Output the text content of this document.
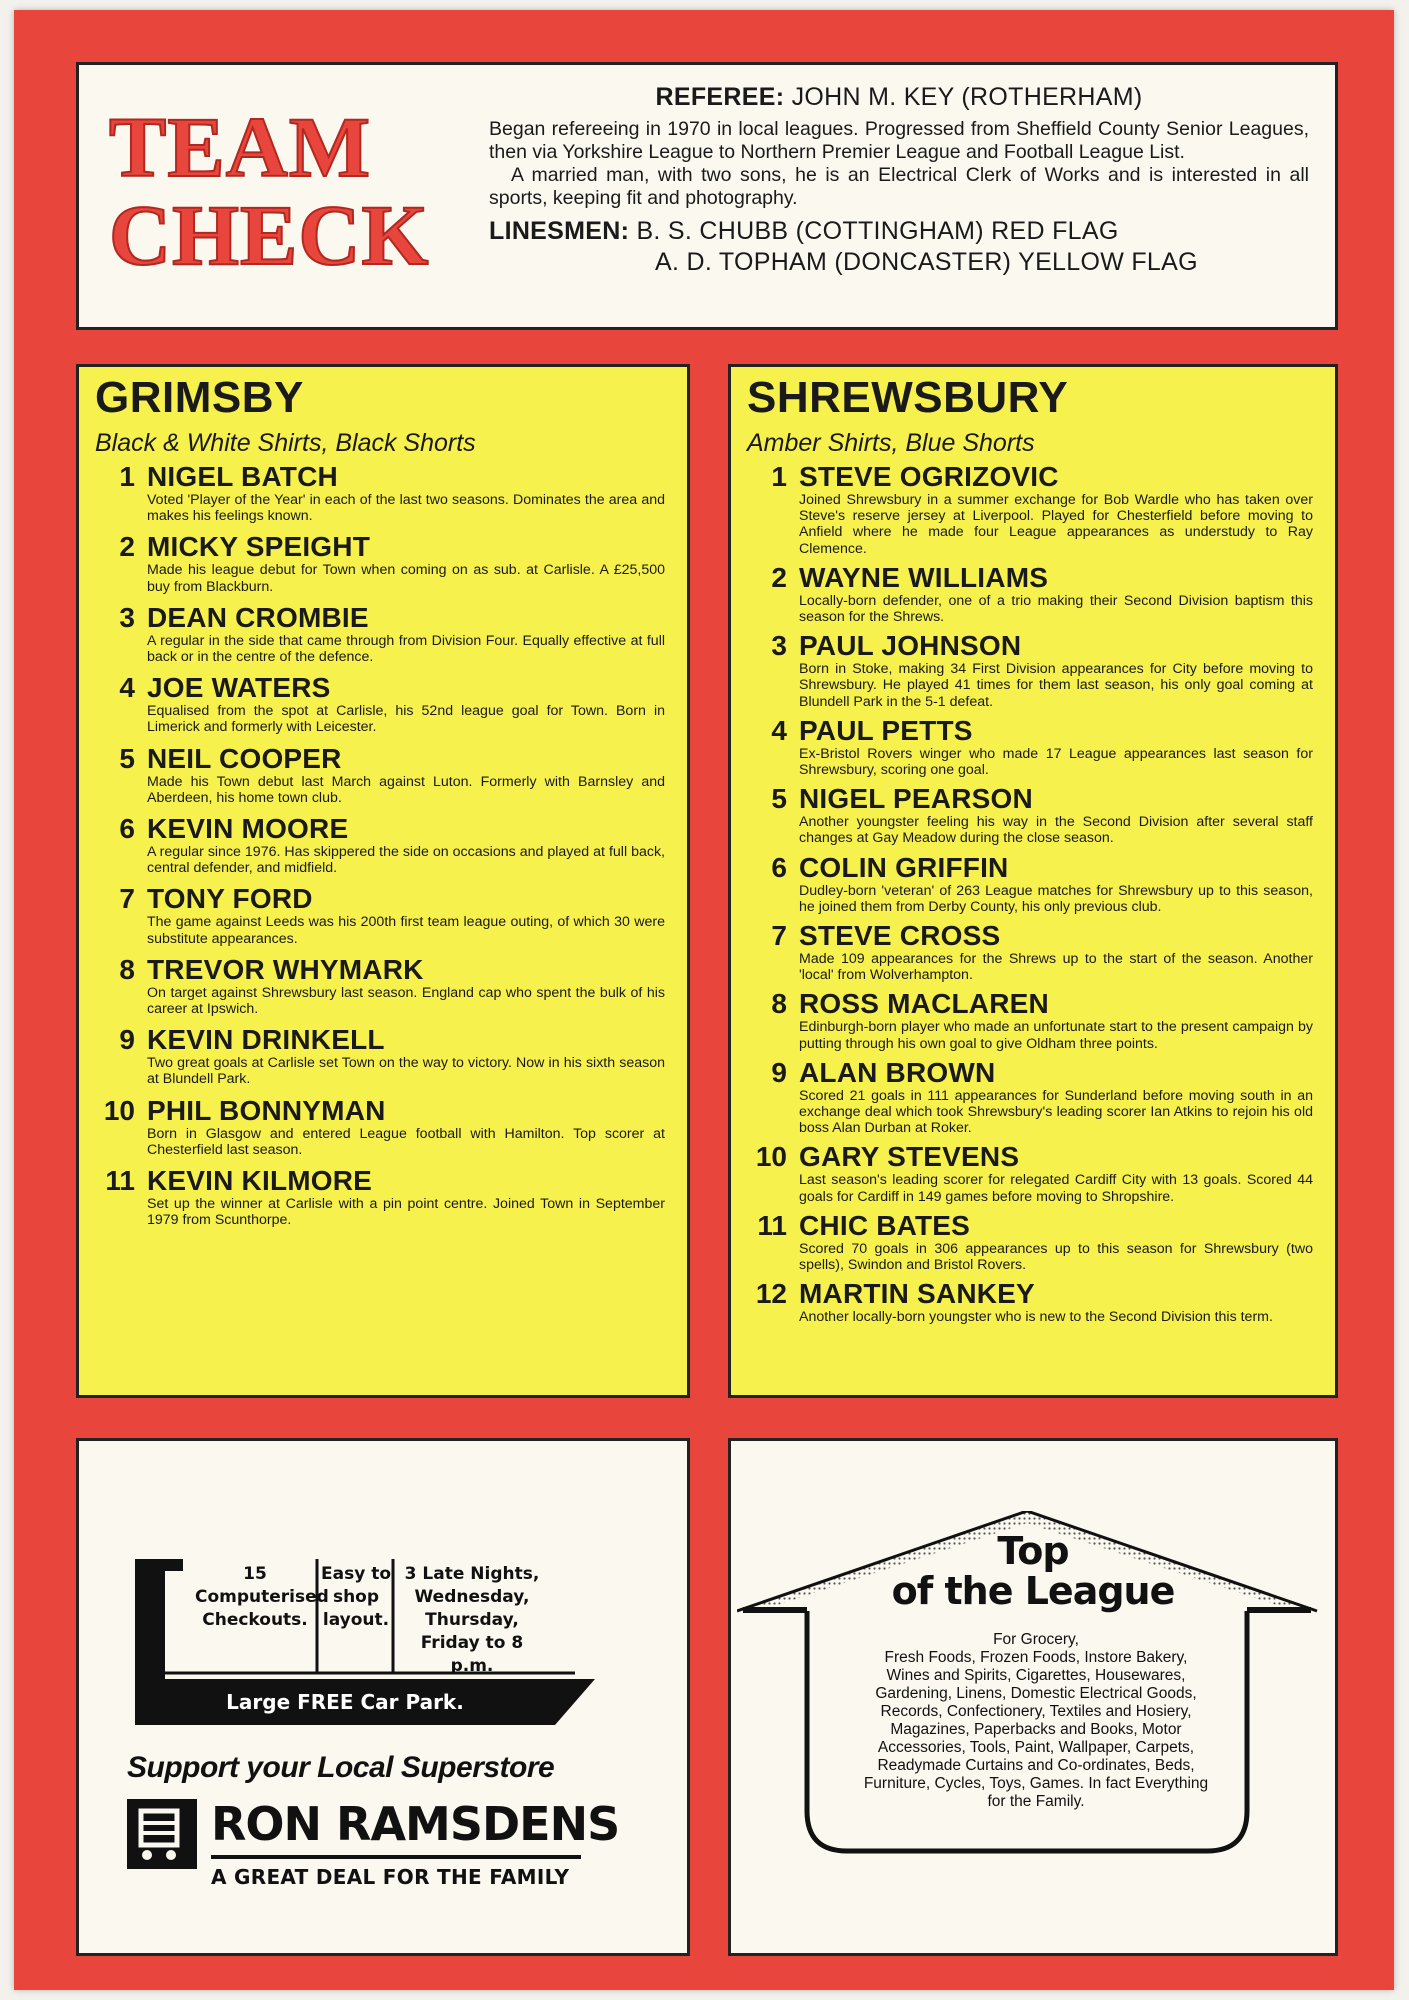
TEAM
CHECK
REFEREE: JOHN M. KEY (ROTHERHAM)

Began refereeing in 1970 in local leagues. Progressed from Sheffield County Senior Leagues, then via Yorkshire League to Northern Premier League and Football League List.

A married man, with two sons, he is an Electrical Clerk of Works and is interested in all sports, keeping fit and photography.

LINESMEN: B. S. CHUBB (COTTINGHAM) RED FLAG
A. D. TOPHAM (DONCASTER) YELLOW FLAG
GRIMSBY
Black & White Shirts, Black Shorts
1 NIGEL BATCH
Voted 'Player of the Year' in each of the last two seasons. Dominates the area and makes his feelings known.
2 MICKY SPEIGHT
Made his league debut for Town when coming on as sub. at Carlisle. A £25,500 buy from Blackburn.
3 DEAN CROMBIE
A regular in the side that came through from Division Four. Equally effective at full back or in the centre of the defence.
4 JOE WATERS
Equalised from the spot at Carlisle, his 52nd league goal for Town. Born in Limerick and formerly with Leicester.
5 NEIL COOPER
Made his Town debut last March against Luton. Formerly with Barnsley and Aberdeen, his home town club.
6 KEVIN MOORE
A regular since 1976. Has skippered the side on occasions and played at full back, central defender, and midfield.
7 TONY FORD
The game against Leeds was his 200th first team league outing, of which 30 were substitute appearances.
8 TREVOR WHYMARK
On target against Shrewsbury last season. England cap who spent the bulk of his career at Ipswich.
9 KEVIN DRINKELL
Two great goals at Carlisle set Town on the way to victory. Now in his sixth season at Blundell Park.
10 PHIL BONNYMAN
Born in Glasgow and entered League football with Hamilton. Top scorer at Chesterfield last season.
11 KEVIN KILMORE
Set up the winner at Carlisle with a pin point centre. Joined Town in September 1979 from Scunthorpe.
SHREWSBURY
Amber Shirts, Blue Shorts
1 STEVE OGRIZOVIC
Joined Shrewsbury in a summer exchange for Bob Wardle who has taken over Steve's reserve jersey at Liverpool. Played for Chesterfield before moving to Anfield where he made four League appearances as understudy to Ray Clemence.
2 WAYNE WILLIAMS
Locally-born defender, one of a trio making their Second Division baptism this season for the Shrews.
3 PAUL JOHNSON
Born in Stoke, making 34 First Division appearances for City before moving to Shrewsbury. He played 41 times for them last season, his only goal coming at Blundell Park in the 5-1 defeat.
4 PAUL PETTS
Ex-Bristol Rovers winger who made 17 League appearances last season for Shrewsbury, scoring one goal.
5 NIGEL PEARSON
Another youngster feeling his way in the Second Division after several staff changes at Gay Meadow during the close season.
6 COLIN GRIFFIN
Dudley-born 'veteran' of 263 League matches for Shrewsbury up to this season, he joined them from Derby County, his only previous club.
7 STEVE CROSS
Made 109 appearances for the Shrews up to the start of the season. Another 'local' from Wolverhampton.
8 ROSS MACLAREN
Edinburgh-born player who made an unfortunate start to the present campaign by putting through his own goal to give Oldham three points.
9 ALAN BROWN
Scored 21 goals in 111 appearances for Sunderland before moving south in an exchange deal which took Shrewsbury's leading scorer Ian Atkins to rejoin his old boss Alan Durban at Roker.
10 GARY STEVENS
Last season's leading scorer for relegated Cardiff City with 13 goals. Scored 44 goals for Cardiff in 149 games before moving to Shropshire.
11 CHIC BATES
Scored 70 goals in 306 appearances up to this season for Shrewsbury (two spells), Swindon and Bristol Rovers.
12 MARTIN SANKEY
Another locally-born youngster who is new to the Second Division this term.
15
Computerised
Checkouts.
Easy to
shop
layout.
3 Late Nights,
Wednesday,
Thursday,
Friday to 8 p.m.
Large FREE Car Park.
Support your Local Superstore
RON RAMSDENS
A GREAT DEAL FOR THE FAMILY
Top
of the League
For Grocery,
Fresh Foods, Frozen Foods, Instore Bakery,
Wines and Spirits, Cigarettes, Housewares,
Gardening, Linens, Domestic Electrical Goods,
Records, Confectionery, Textiles and Hosiery,
Magazines, Paperbacks and Books, Motor
Accessories, Tools, Paint, Wallpaper, Carpets,
Readymade Curtains and Co-ordinates, Beds,
Furniture, Cycles, Toys, Games. In fact Everything
for the Family.
